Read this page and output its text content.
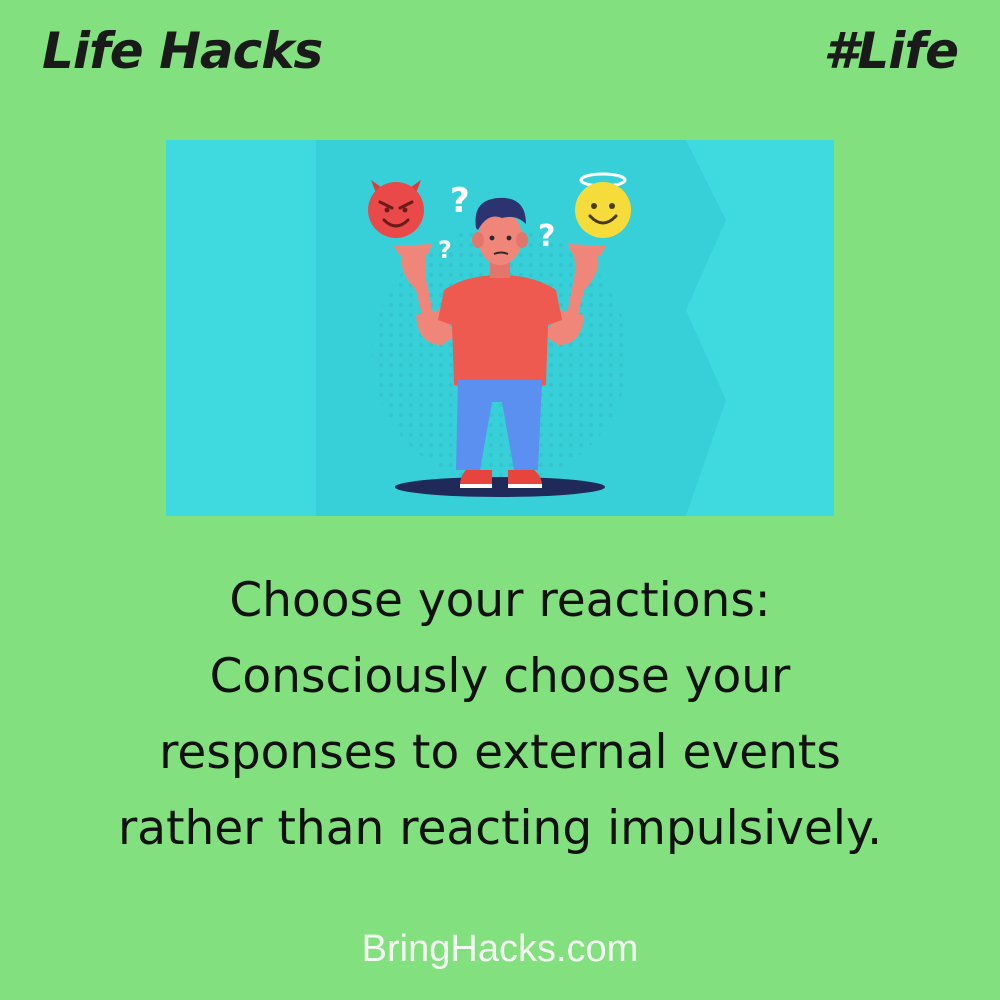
Life Hacks	#Life
?
?	?

Choose your reactions:
Consciously choose your
responses to external events
rather than reacting impulsively.

BringHacks.com
